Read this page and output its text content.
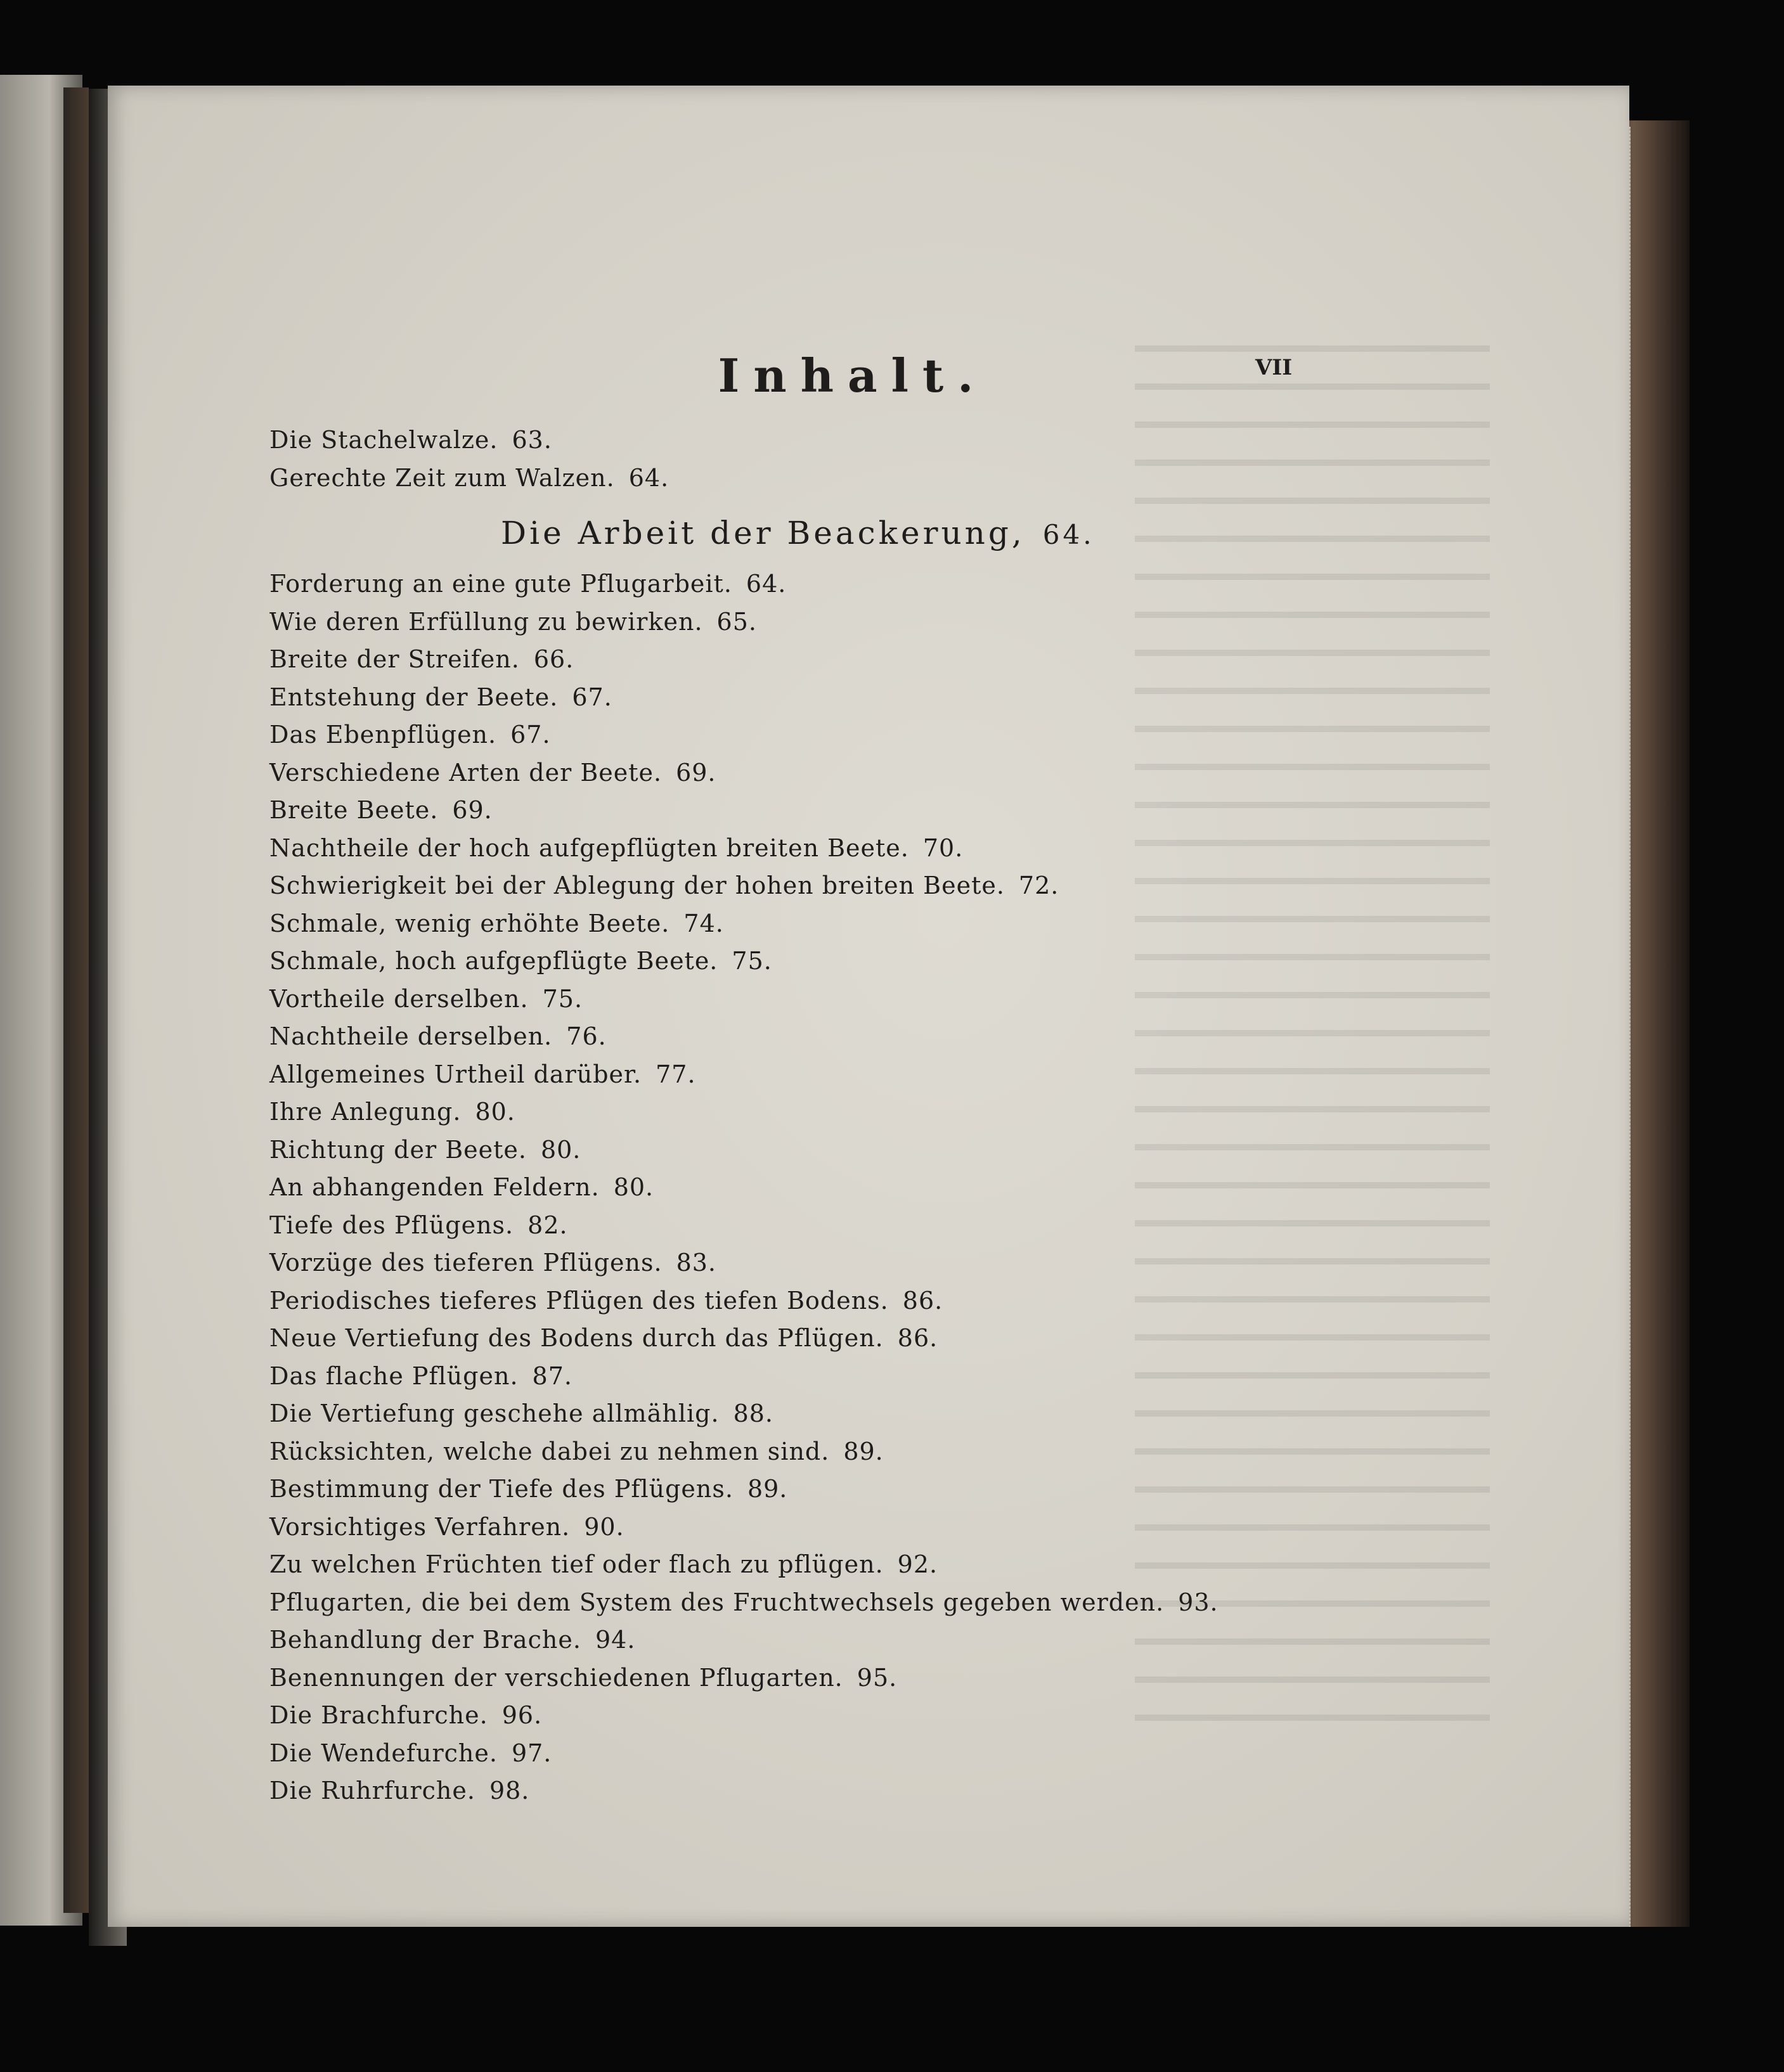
Inhalt.	VII
Die Stachelwalze. 63.
Gerechte Zeit zum Walzen. 64.
Die Arbeit der Beackerung, 64.
Forderung an eine gute Pflugarbeit. 64.
Wie deren Erfüllung zu bewirken. 65.
Breite der Streifen. 66.
Entstehung der Beete. 67.
Das Ebenpflügen. 67.
Verschiedene Arten der Beete. 69.
Breite Beete. 69.
Nachtheile der hoch aufgepflügten breiten Beete. 70.
Schwierigkeit bei der Ablegung der hohen breiten Beete. 72.
Schmale, wenig erhöhte Beete. 74.
Schmale, hoch aufgepflügte Beete. 75.
Vortheile derselben. 75.
Nachtheile derselben. 76.
Allgemeines Urtheil darüber. 77.
Ihre Anlegung. 80.
Richtung der Beete. 80.
An abhangenden Feldern. 80.
Tiefe des Pflügens. 82.
Vorzüge des tieferen Pflügens. 83.
Periodisches tieferes Pflügen des tiefen Bodens. 86.
Neue Vertiefung des Bodens durch das Pflügen. 86.
Das flache Pflügen. 87.
Die Vertiefung geschehe allmählig. 88.
Rücksichten, welche dabei zu nehmen sind. 89.
Bestimmung der Tiefe des Pflügens. 89.
Vorsichtiges Verfahren. 90.
Zu welchen Früchten tief oder flach zu pflügen. 92.
Pflugarten, die bei dem System des Fruchtwechsels gegeben werden. 93.
Behandlung der Brache. 94.
Benennungen der verschiedenen Pflugarten. 95.
Die Brachfurche. 96.
Die Wendefurche. 97.
Die Ruhrfurche. 98.
